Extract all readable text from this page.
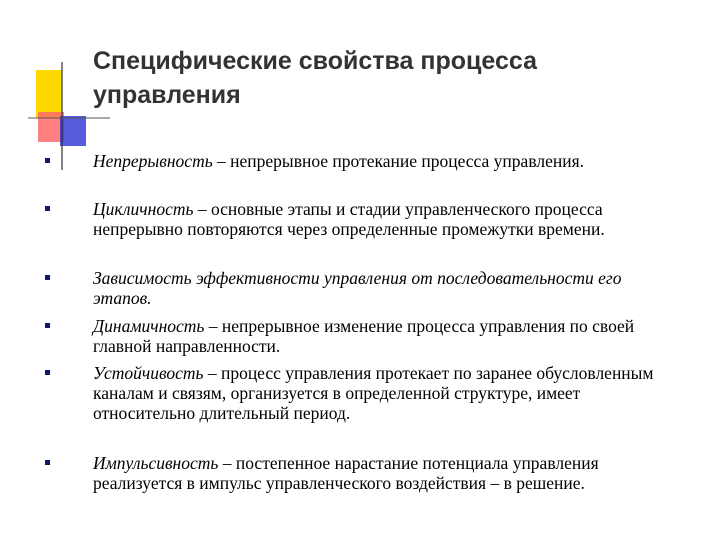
Специфические свойства процесса управления
Непрерывность – непрерывное протекание процесса управления.
Цикличность – основные этапы и стадии управленческого процесса непрерывно повторяются через определенные промежутки времени.
Зависимость эффективности управления от последовательности его этапов.
Динамичность – непрерывное изменение процесса управления по своей главной направленности.
Устойчивость – процесс управления протекает по заранее обусловленным каналам и связям, организуется в определенной структуре, имеет относительно длительный период.
Импульсивность – постепенное нарастание потенциала управления реализуется в импульс управленческого воздействия – в решение.
